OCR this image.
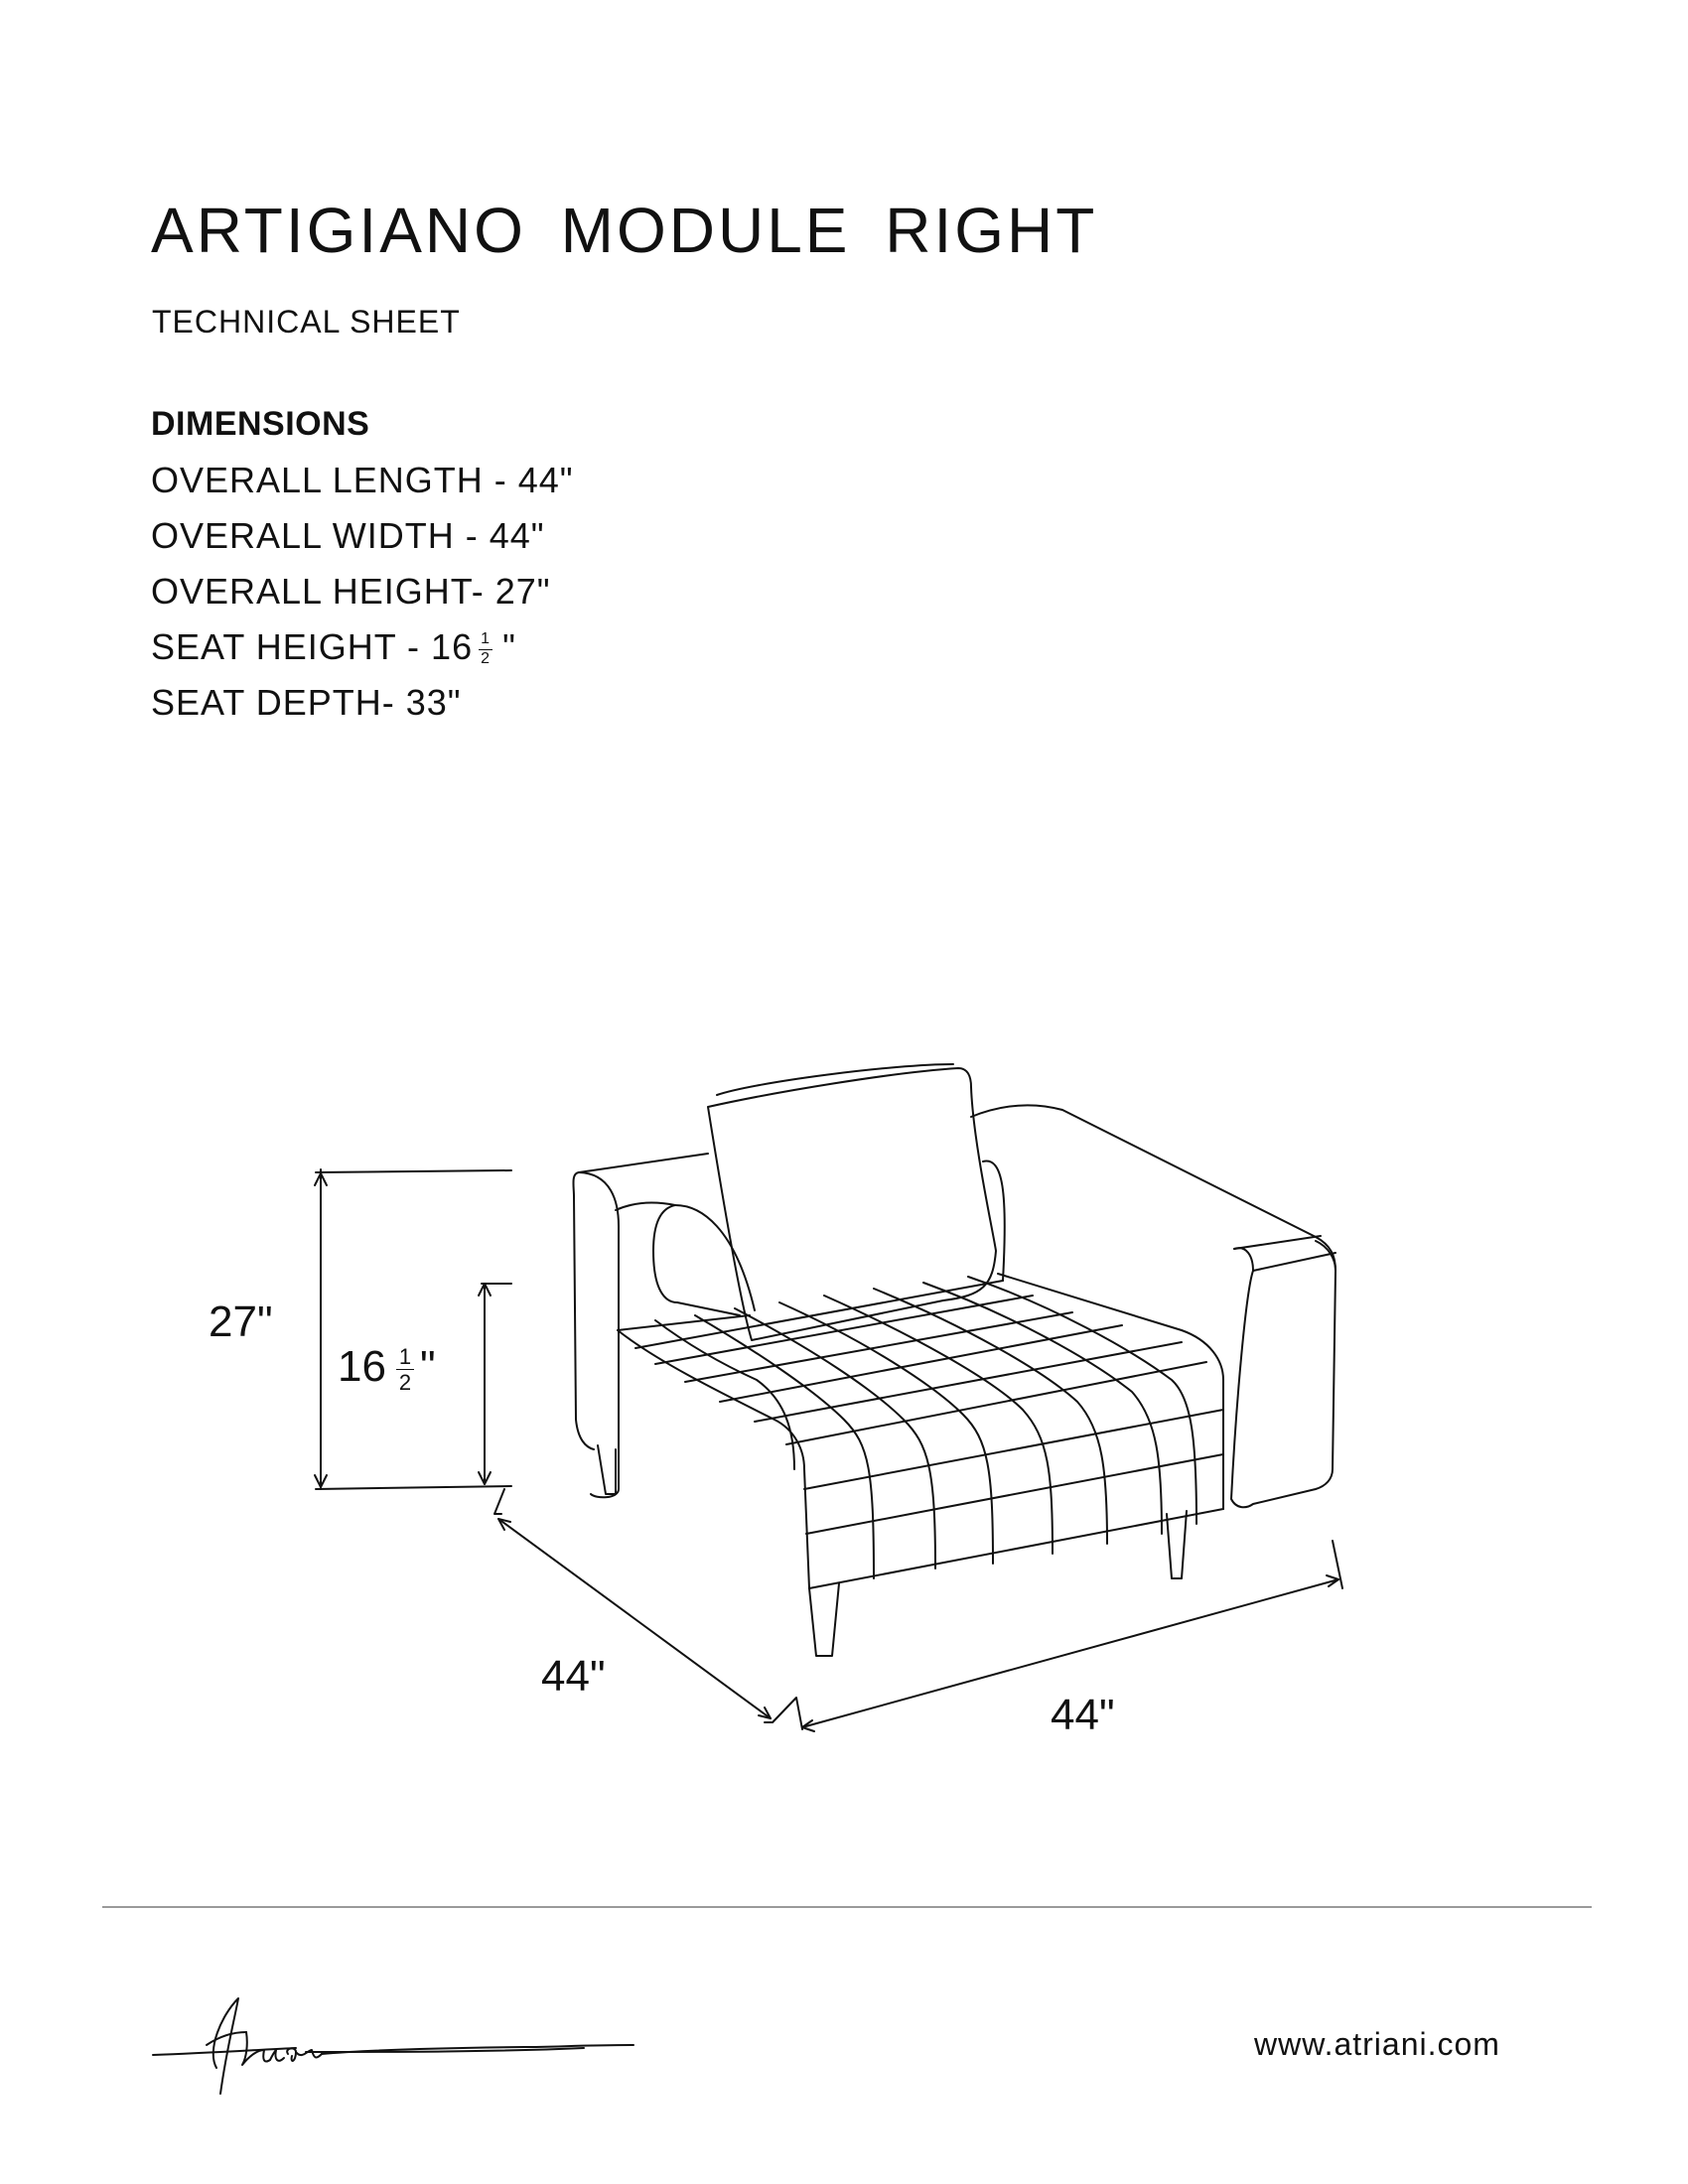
ARTIGIANO MODULE RIGHT
TECHNICAL SHEET
DIMENSIONS
OVERALL LENGTH - 44"
OVERALL WIDTH - 44"
OVERALL HEIGHT- 27"
SEAT HEIGHT - $16 \frac{1}{2}$ "
SEAT DEPTH- 33"
27"
$16 \frac{1}{2}$ "
44"
44"
www.atriani.com
